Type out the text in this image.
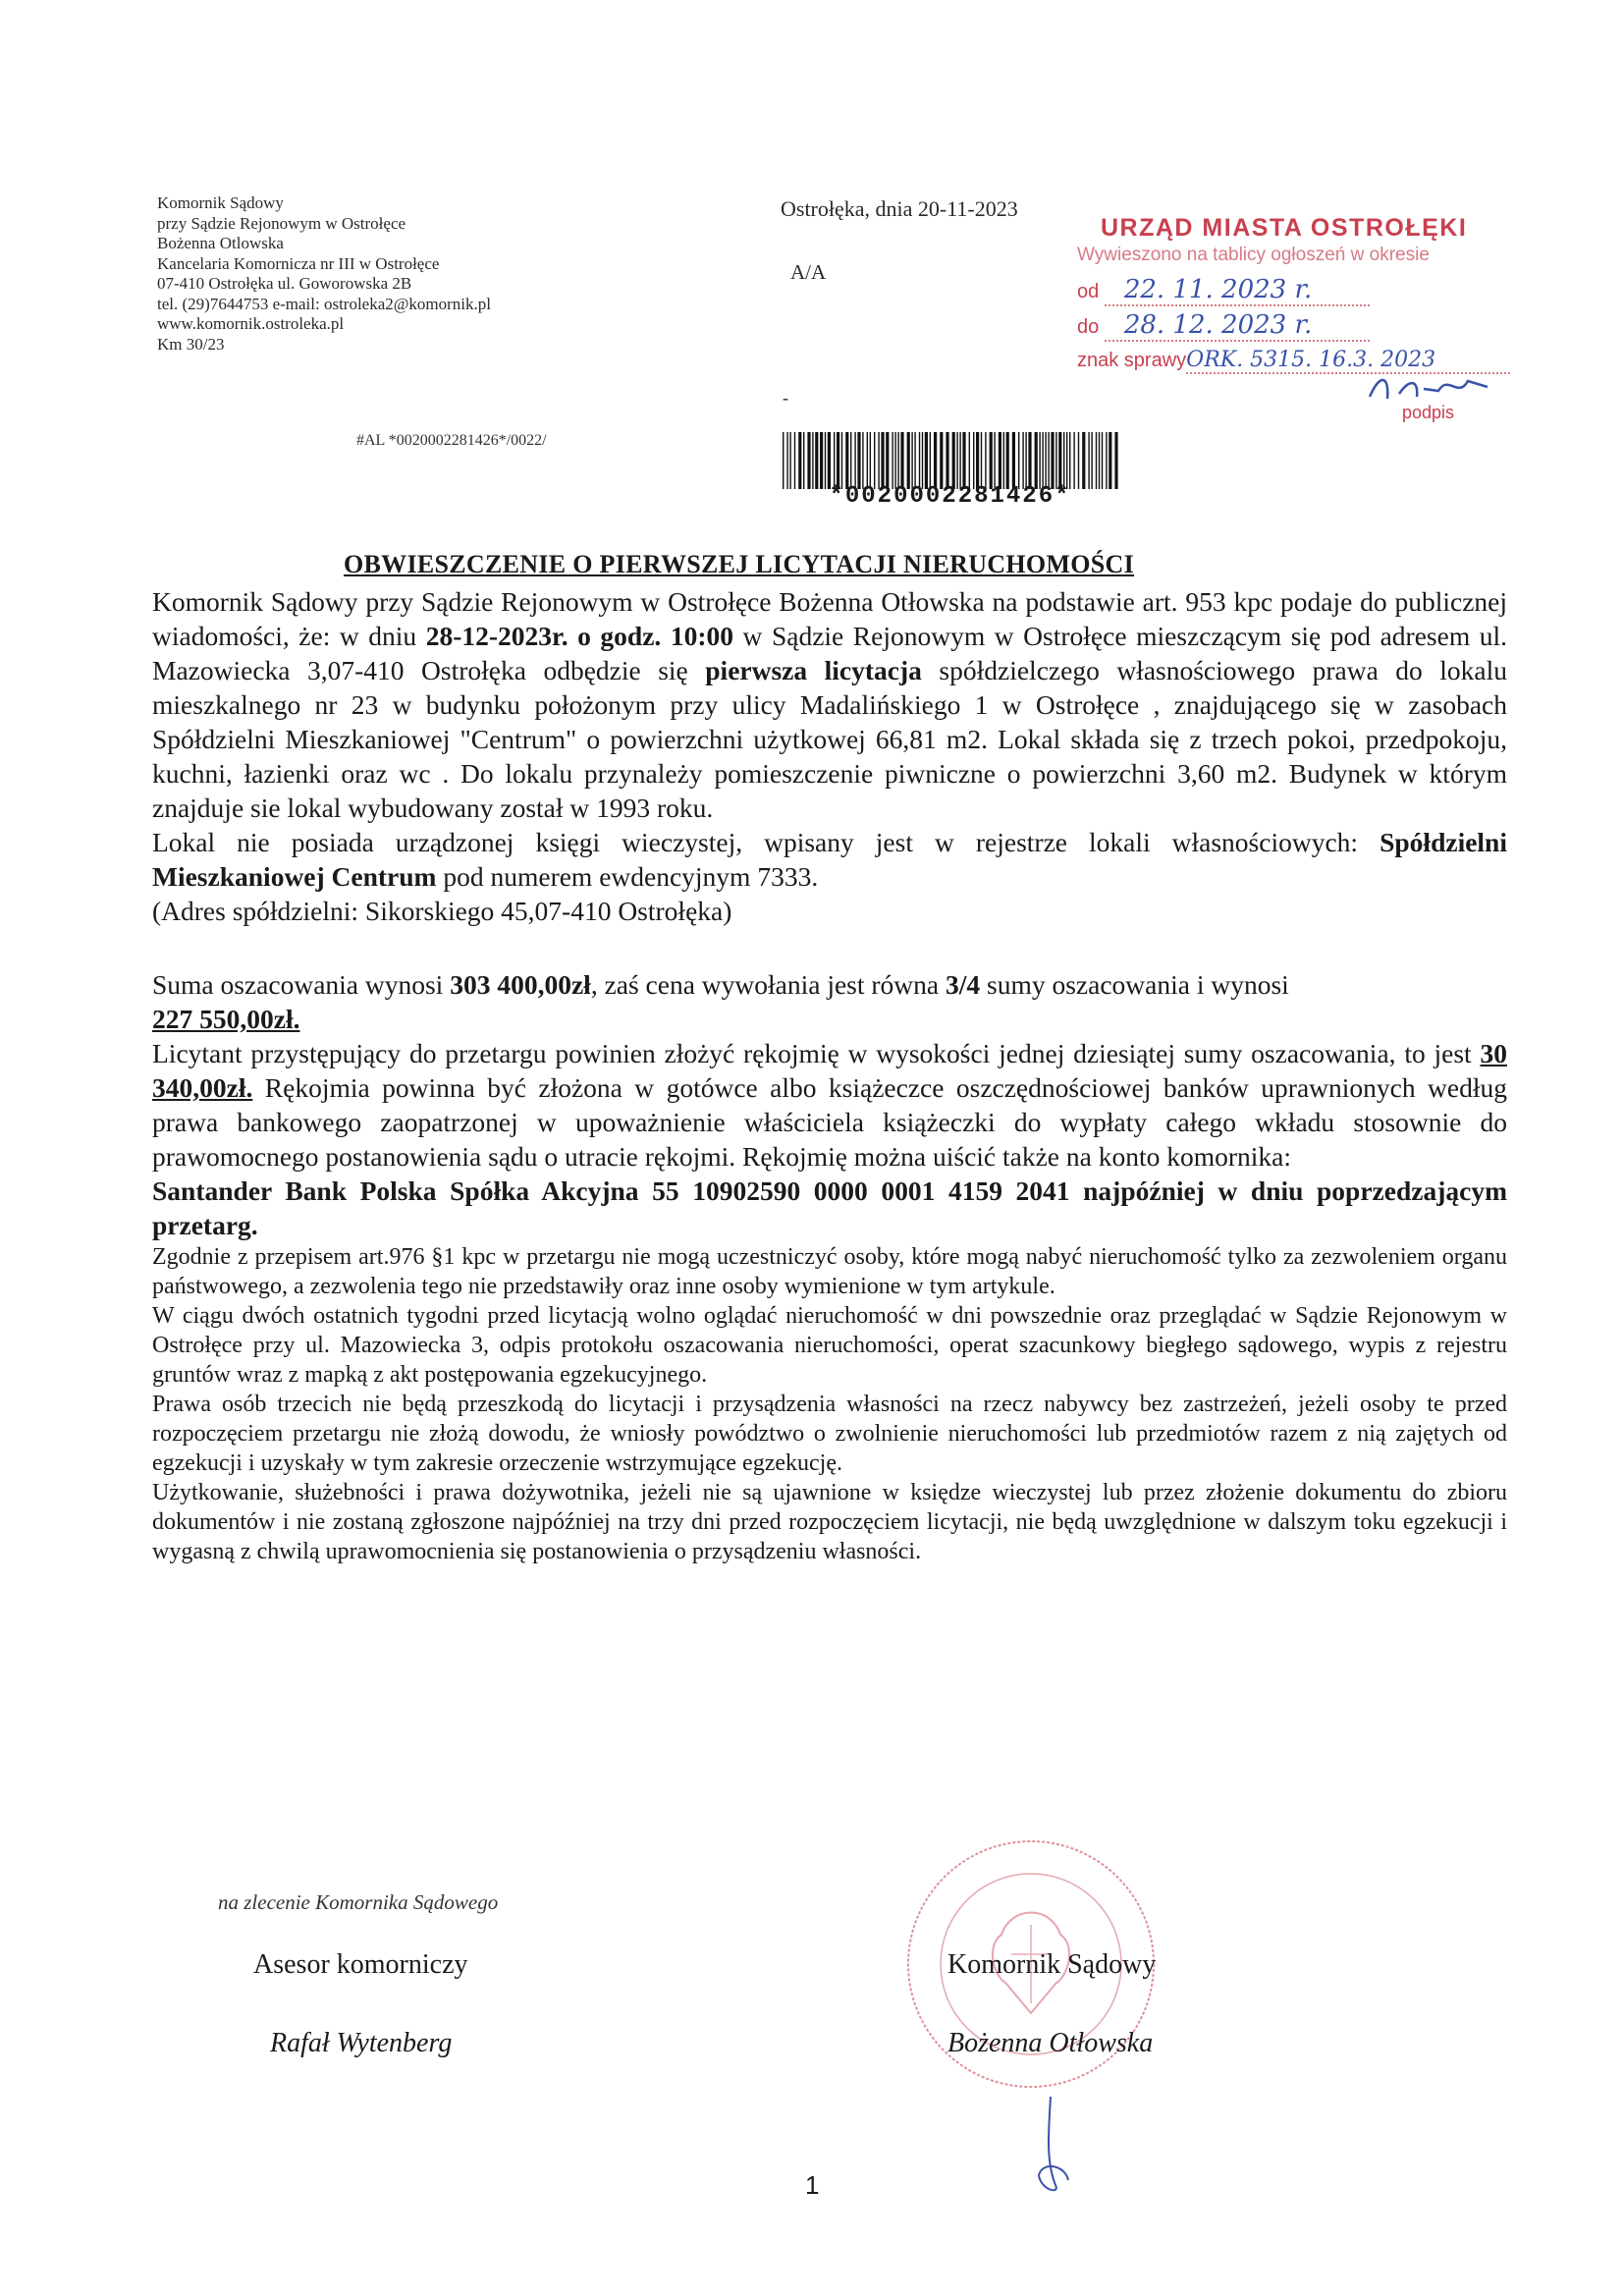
Komornik Sądowy
przy Sądzie Rejonowym w Ostrołęce
Bożenna Otlowska
Kancelaria Komornicza nr III w Ostrołęce
07-410 Ostrołęka ul. Goworowska 2B
tel. (29)7644753 e-mail: ostroleka2@komornik.pl
www.komornik.ostroleka.pl
Km 30/23
Ostrołęka, dnia 20-11-2023
A/A
-
URZĄD MIASTA OSTROŁĘKI
Wywieszono na tablicy ogłoszeń w okresie
od 22. 11. 2023 r.
do 28. 12. 2023 r.
znak sprawyORK. 5315. 16.3. 2023
podpis
#AL *0020002281426*/0022/
*0020002281426*
OBWIESZCZENIE O PIERWSZEJ LICYTACJI NIERUCHOMOŚCI

Komornik Sądowy przy Sądzie Rejonowym w Ostrołęce Bożenna Otłowska na podstawie art. 953 kpc podaje do publicznej wiadomości, że: w dniu 28-12-2023r. o godz. 10:00 w Sądzie Rejonowym w Ostrołęce mieszczącym się pod adresem ul. Mazowiecka 3,07-410 Ostrołęka odbędzie się pierwsza licytacja spółdzielczego własnościowego prawa do lokalu mieszkalnego nr 23 w budynku położonym przy ulicy Madalińskiego 1 w Ostrołęce , znajdującego się w zasobach Spółdzielni Mieszkaniowej "Centrum" o powierzchni użytkowej 66,81 m2. Lokal składa się z trzech pokoi, przedpokoju, kuchni, łazienki oraz wc . Do lokalu przynależy pomieszczenie piwniczne o powierzchni 3,60 m2. Budynek w którym znajduje sie lokal wybudowany został w 1993 roku.

Lokal nie posiada urządzonej księgi wieczystej, wpisany jest w rejestrze lokali własnościowych: Spółdzielni Mieszkaniowej Centrum pod numerem ewdencyjnym 7333.

(Adres spółdzielni: Sikorskiego 45,07-410 Ostrołęka)

Suma oszacowania wynosi 303 400,00zł, zaś cena wywołania jest równa 3/4 sumy oszacowania i wynosi
227 550,00zł.

Licytant przystępujący do przetargu powinien złożyć rękojmię w wysokości jednej dziesiątej sumy oszacowania, to jest 30 340,00zł. Rękojmia powinna być złożona w gotówce albo książeczce oszczędnościowej banków uprawnionych według prawa bankowego zaopatrzonej w upoważnienie właściciela książeczki do wypłaty całego wkładu stosownie do prawomocnego postanowienia sądu o utracie rękojmi. Rękojmię można uiścić także na konto komornika:
Santander Bank Polska Spółka Akcyjna 55 10902590 0000 0001 4159 2041 najpóźniej w dniu poprzedzającym przetarg.

Zgodnie z przepisem art.976 §1 kpc w przetargu nie mogą uczestniczyć osoby, które mogą nabyć nieruchomość tylko za zezwoleniem organu państwowego, a zezwolenia tego nie przedstawiły oraz inne osoby wymienione w tym artykule.

W ciągu dwóch ostatnich tygodni przed licytacją wolno oglądać nieruchomość w dni powszednie oraz przeglądać w Sądzie Rejonowym w Ostrołęce przy ul. Mazowiecka 3, odpis protokołu oszacowania nieruchomości, operat szacunkowy biegłego sądowego, wypis z rejestru gruntów wraz z mapką z akt postępowania egzekucyjnego.

Prawa osób trzecich nie będą przeszkodą do licytacji i przysądzenia własności na rzecz nabywcy bez zastrzeżeń, jeżeli osoby te przed rozpoczęciem przetargu nie złożą dowodu, że wniosły powództwo o zwolnienie nieruchomości lub przedmiotów razem z nią zajętych od egzekucji i uzyskały w tym zakresie orzeczenie wstrzymujące egzekucję.

Użytkowanie, służebności i prawa dożywotnika, jeżeli nie są ujawnione w księdze wieczystej lub przez złożenie dokumentu do zbioru dokumentów i nie zostaną zgłoszone najpóźniej na trzy dni przed rozpoczęciem licytacji, nie będą uwzględnione w dalszym toku egzekucji i wygasną z chwilą uprawomocnienia się postanowienia o przysądzeniu własności.

na zlecenie Komornika Sądowego
Asesor komorniczy
Rafał Wytenberg
Komornik Sądowy
Bożenna Otłowska
1
